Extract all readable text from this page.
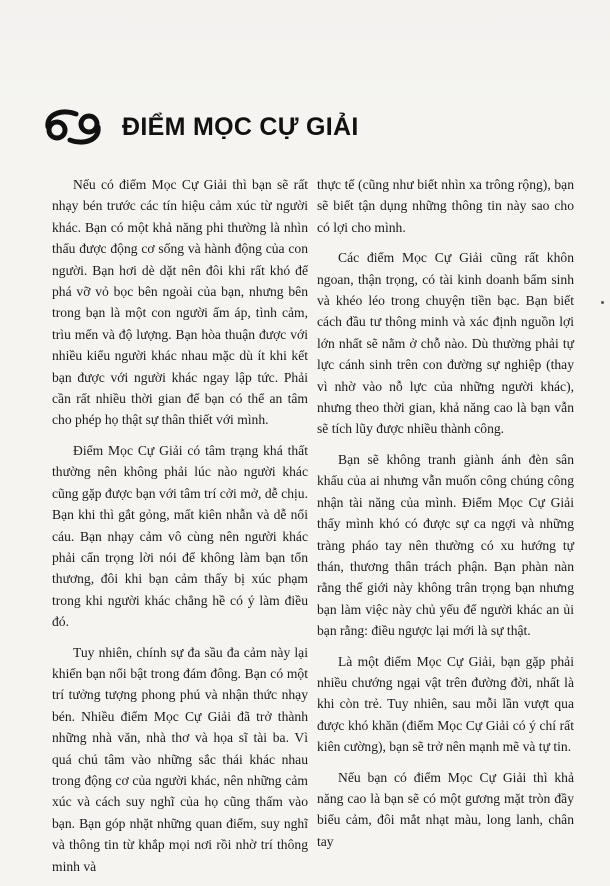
ĐIỂM MỌC CỰ GIẢI

Nếu có điểm Mọc Cự Giải thì bạn sẽ rất nhạy bén trước các tín hiệu cảm xúc từ người khác. Bạn có một khả năng phi thường là nhìn thấu được động cơ sống và hành động của con người. Bạn hơi dè dặt nên đôi khi rất khó để phá vỡ vỏ bọc bên ngoài của bạn, nhưng bên trong bạn là một con người ấm áp, tình cảm, trìu mến và độ lượng. Bạn hòa thuận được với nhiều kiểu người khác nhau mặc dù ít khi kết bạn được với người khác ngay lập tức. Phải cần rất nhiều thời gian để bạn có thể an tâm cho phép họ thật sự thân thiết với mình.

Điểm Mọc Cự Giải có tâm trạng khá thất thường nên không phải lúc nào người khác cũng gặp được bạn với tâm trí cởi mở, dễ chịu. Bạn khi thì gắt gỏng, mất kiên nhẫn và dễ nổi cáu. Bạn nhạy cảm vô cùng nên người khác phải cẩn trọng lời nói để không làm bạn tổn thương, đôi khi bạn cảm thấy bị xúc phạm trong khi người khác chẳng hề có ý làm điều đó.

Tuy nhiên, chính sự đa sầu đa cảm này lại khiến bạn nổi bật trong đám đông. Bạn có một trí tưởng tượng phong phú và nhận thức nhạy bén. Nhiều điểm Mọc Cự Giải đã trở thành những nhà văn, nhà thơ và họa sĩ tài ba. Vì quá chú tâm vào những sắc thái khác nhau trong động cơ của người khác, nên những cảm xúc và cách suy nghĩ của họ cũng thấm vào bạn. Bạn góp nhặt những quan điểm, suy nghĩ và thông tin từ khắp mọi nơi rồi nhờ trí thông minh và

thực tế (cũng như biết nhìn xa trông rộng), bạn sẽ biết tận dụng những thông tin này sao cho có lợi cho mình.

Các điểm Mọc Cự Giải cũng rất khôn ngoan, thận trọng, có tài kinh doanh bẩm sinh và khéo léo trong chuyện tiền bạc. Bạn biết cách đầu tư thông minh và xác định nguồn lợi lớn nhất sẽ nằm ở chỗ nào. Dù thường phải tự lực cánh sinh trên con đường sự nghiệp (thay vì nhờ vào nỗ lực của những người khác), nhưng theo thời gian, khả năng cao là bạn vẫn sẽ tích lũy được nhiều thành công.

Bạn sẽ không tranh giành ánh đèn sân khấu của ai nhưng vẫn muốn công chúng công nhận tài năng của mình. Điểm Mọc Cự Giải thấy mình khó có được sự ca ngợi và những tràng pháo tay nên thường có xu hướng tự thán, thương thân trách phận. Bạn phàn nàn rằng thế giới này không trân trọng bạn nhưng bạn làm việc này chủ yếu để người khác an ủi bạn rằng: điều ngược lại mới là sự thật.

Là một điểm Mọc Cự Giải, bạn gặp phải nhiều chướng ngại vật trên đường đời, nhất là khi còn trẻ. Tuy nhiên, sau mỗi lần vượt qua được khó khăn (điểm Mọc Cự Giải có ý chí rất kiên cường), bạn sẽ trở nên mạnh mẽ và tự tin.

Nếu bạn có điểm Mọc Cự Giải thì khả năng cao là bạn sẽ có một gương mặt tròn đầy biểu cảm, đôi mắt nhạt màu, long lanh, chân tay
